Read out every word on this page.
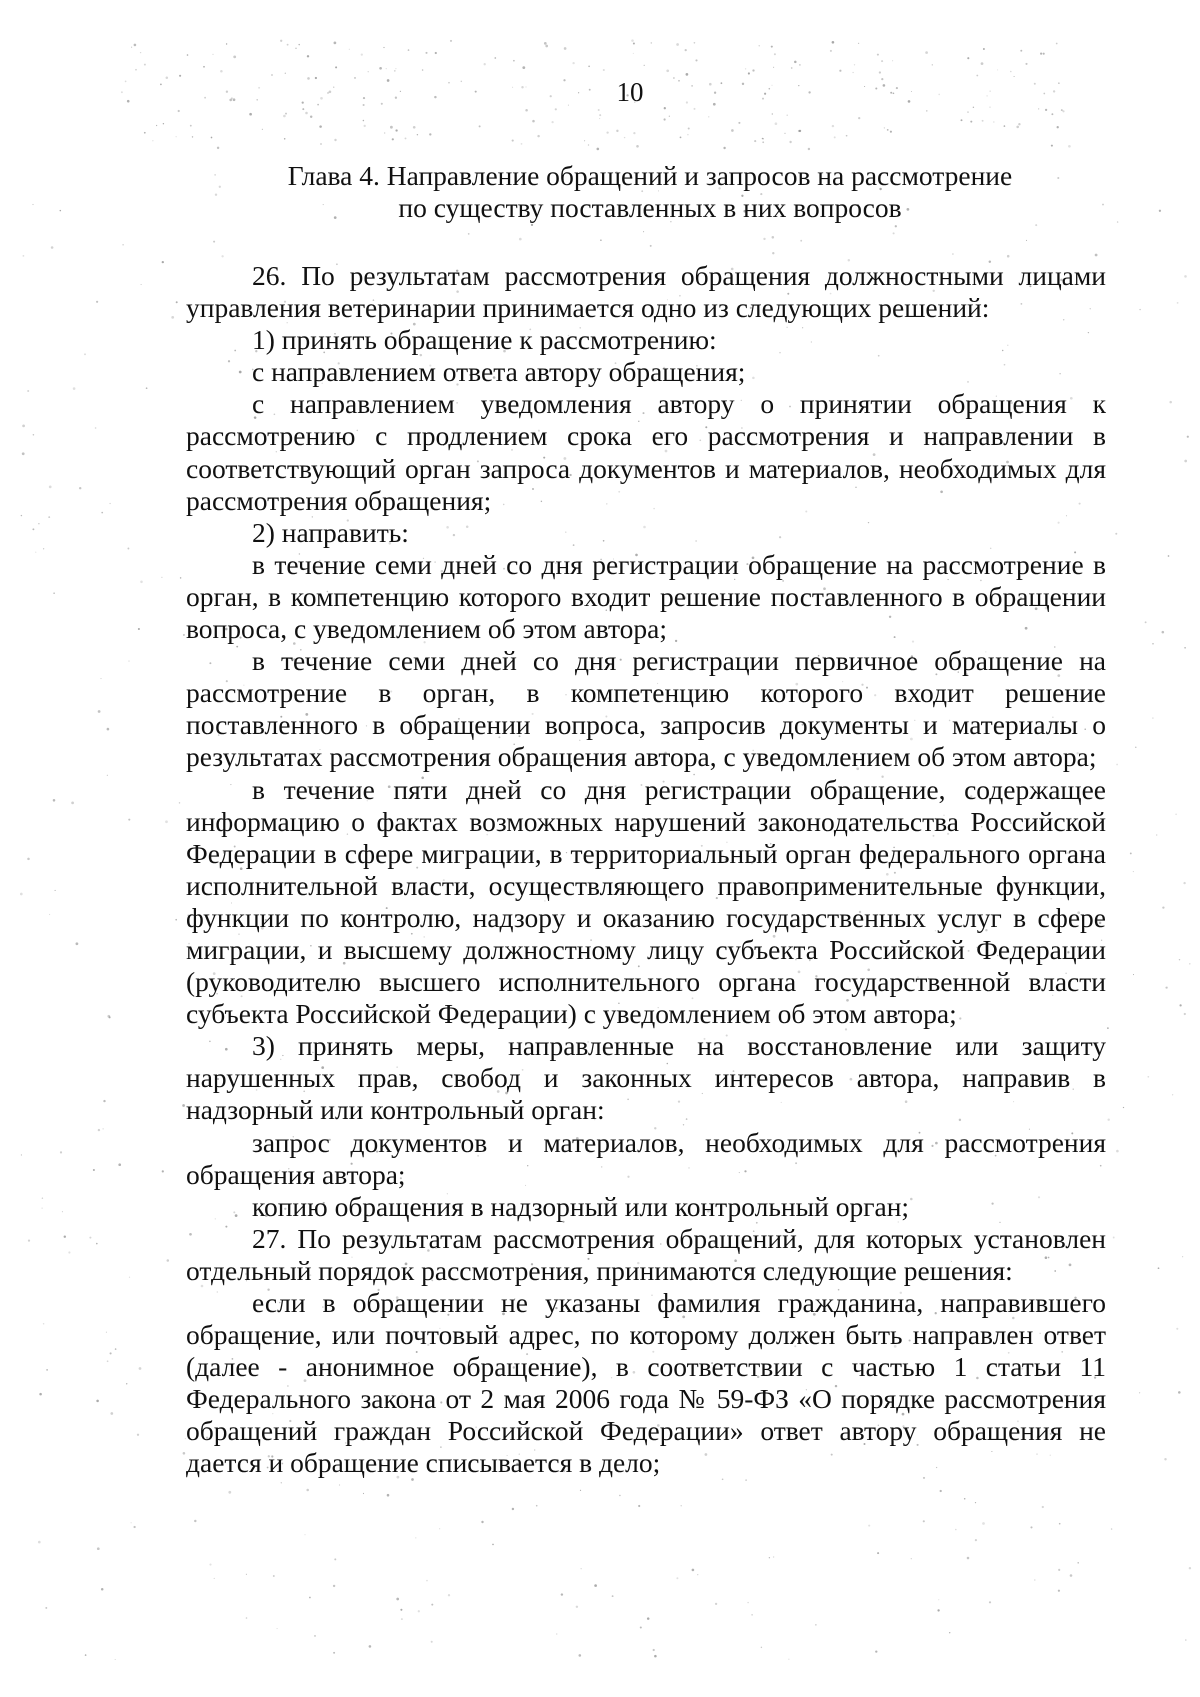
10
Глава 4. Направление обращений и запросов на рассмотрение
по существу поставленных в них вопросов

26. По результатам рассмотрения обращения должностными лицами управления ветеринарии принимается одно из следующих решений:

1) принять обращение к рассмотрению:

с направлением ответа автору обращения;

с направлением уведомления автору о принятии обращения к рассмотрению с продлением срока его рассмотрения и направлении в соответствующий орган запроса документов и материалов, необходимых для рассмотрения обращения;

2) направить:

в течение семи дней со дня регистрации обращение на рассмотрение в орган, в компетенцию которого входит решение поставленного в обращении вопроса, с уведомлением об этом автора;

в течение семи дней со дня регистрации первичное обращение на рассмотрение в орган, в компетенцию которого входит решение поставленного в обращении вопроса, запросив документы и материалы о результатах рассмотрения обращения автора, с уведомлением об этом автора;

в течение пяти дней со дня регистрации обращение, содержащее информацию о фактах возможных нарушений законодательства Российской Федерации в сфере миграции, в территориальный орган федерального органа исполнительной власти, осуществляющего правоприменительные функции, функции по контролю, надзору и оказанию государственных услуг в сфере миграции, и высшему должностному лицу субъекта Российской Федерации (руководителю высшего исполнительного органа государственной власти субъекта Российской Федерации) с уведомлением об этом автора;

3) принять меры, направленные на восстановление или защиту нарушенных прав, свобод и законных интересов автора, направив в надзорный или контрольный орган:

запрос документов и материалов, необходимых для рассмотрения обращения автора;

копию обращения в надзорный или контрольный орган;

27. По результатам рассмотрения обращений, для которых установлен отдельный порядок рассмотрения, принимаются следующие решения:

если в обращении не указаны фамилия гражданина, направившего обращение, или почтовый адрес, по которому должен быть направлен ответ (далее - анонимное обращение), в соответствии с частью 1 статьи 11 Федерального закона от 2 мая 2006 года № 59-ФЗ «О порядке рассмотрения обращений граждан Российской Федерации» ответ автору обращения не дается и обращение списывается в дело;
